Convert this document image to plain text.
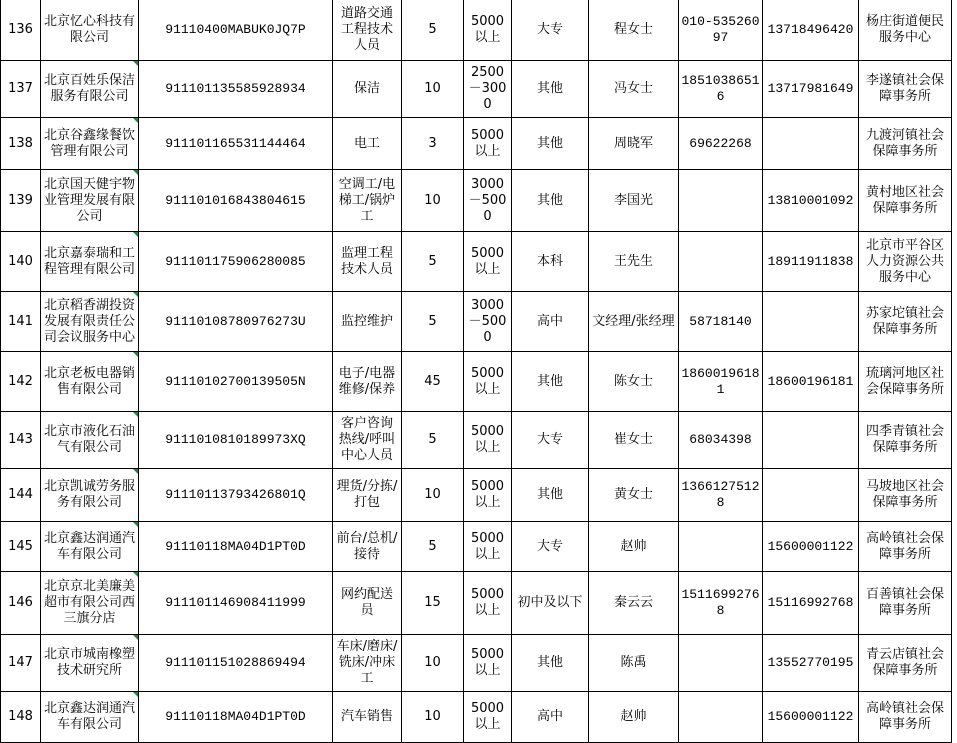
136	北京忆心科技有限公司	91110400MABUK0JQ7P	道路交通工程技术人员	5	5000以上	大专	程女士	010-53526097	13718496420	杨庄街道便民服务中心

137	北京百姓乐保洁服务有限公司	911101135585928934	保洁	10	2500－3000	其他	冯女士	18510386516	13717981649	李遂镇社会保障事务所

138	北京谷鑫缘餐饮管理有限公司	911101165531144464	电工	3	5000以上	其他	周晓军	69622268		九渡河镇社会保障事务所

139	北京国天健宇物业管理发展有限公司	911101016843804615	空调工/电梯工/锅炉工	10	3000－5000	其他	李国光		13810001092	黄村地区社会保障事务所

140	北京嘉泰瑞和工程管理有限公司	911101175906280085	监理工程技术人员	5	5000以上	本科	王先生		18911911838	北京市平谷区人力资源公共服务中心

141	北京稻香湖投资发展有限责任公司会议服务中心	91110108780976273U	监控维护	5	3000－5000	高中	文经理/张经理	58718140		苏家坨镇社会保障事务所

142	北京老板电器销售有限公司	91110102700139505N	电子/电器维修/保养	45	5000以上	其他	陈女士	18600196181	18600196181	琉璃河地区社会保障事务所

143	北京市液化石油气有限公司	91110108101899​73XQ	客户咨询热线/呼叫中心人员	5	5000以上	大专	崔女士	68034398		四季青镇社会保障事务所

144	北京凯诚劳务服务有限公司	91110113793426801Q	理货/分拣/打包	10	5000以上	其他	黄女士	13661275128		马坡地区社会保障事务所

145	北京鑫达润通汽车有限公司	91110118MA04D1PT0D	前台/总机/接待	5	5000以上	大专	赵帅		15600001122	高岭镇社会保障事务所

146	北京京北美廉美超市有限公司西三旗分店	911101146908411999	网约配送员	15	5000以上	初中及以下	秦云云	15116992768	15116992768	百善镇社会保障事务所

147	北京市城南橡塑技术研究所	911101151028869494	车床/磨床/铣床/冲床工	10	5000以上	其他	陈禹		13552770195	青云店镇社会保障事务所

148	北京鑫达润通汽车有限公司	91110118MA04D1PT0D	汽车销售	10	5000以上	高中	赵帅		15600001122	高岭镇社会保障事务所
